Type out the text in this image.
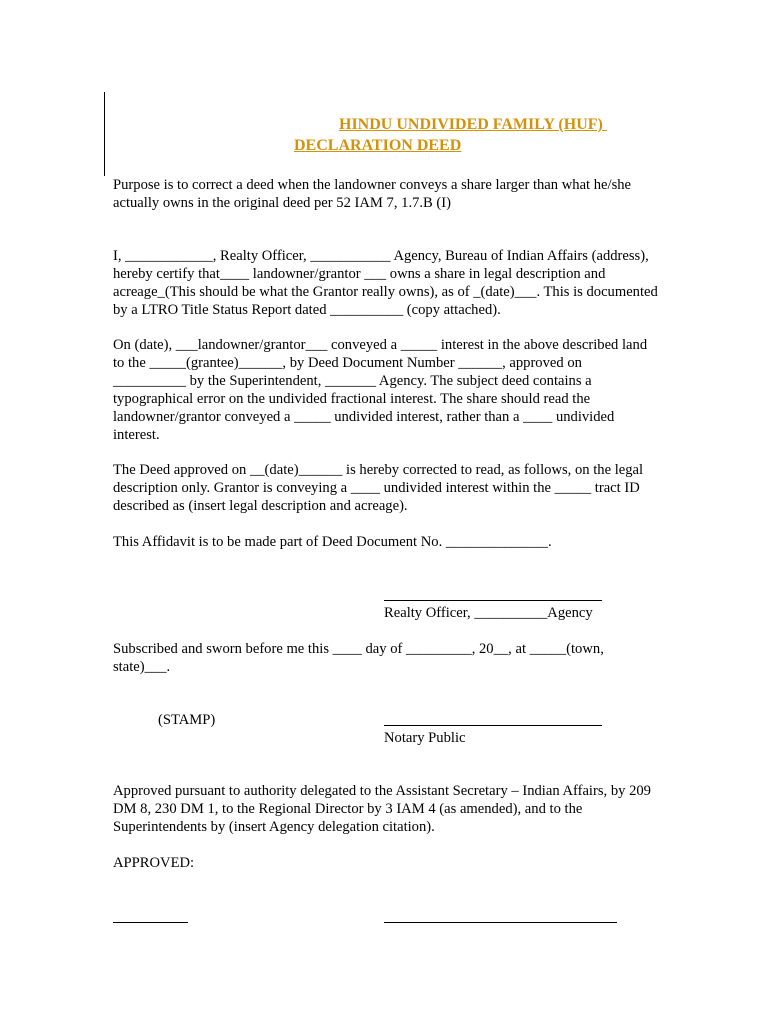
HINDU UNDIVIDED FAMILY (HUF)
DECLARATION DEED

Purpose is to correct a deed when the landowner conveys a share larger than what he/she actually owns in the original deed per 52 IAM 7, 1.7.B (I)

I, ____________, Realty Officer, ___________ Agency, Bureau of Indian Affairs (address), hereby certify that____ landowner/grantor ___ owns a share in legal description and acreage_(This should be what the Grantor really owns), as of _(date)___. This is documented by a LTRO Title Status Report dated __________ (copy attached).

On (date), ___landowner/grantor___ conveyed a _____ interest in the above described land to the _____(grantee)______, by Deed Document Number ______, approved on __________ by the Superintendent, _______ Agency. The subject deed contains a typographical error on the undivided fractional interest. The share should read the landowner/grantor conveyed a _____ undivided interest, rather than a ____ undivided interest.

The Deed approved on __(date)______ is hereby corrected to read, as follows, on the legal description only. Grantor is conveying a ____ undivided interest within the _____ tract ID described as (insert legal description and acreage).

This Affidavit is to be made part of Deed Document No. ______________.

Realty Officer, __________Agency

Subscribed and sworn before me this ____ day of _________, 20__, at _____(town, state)___.

(STAMP)
Notary Public

Approved pursuant to authority delegated to the Assistant Secretary – Indian Affairs, by 209 DM 8, 230 DM 1, to the Regional Director by 3 IAM 4 (as amended), and to the Superintendents by (insert Agency delegation citation).

APPROVED:
